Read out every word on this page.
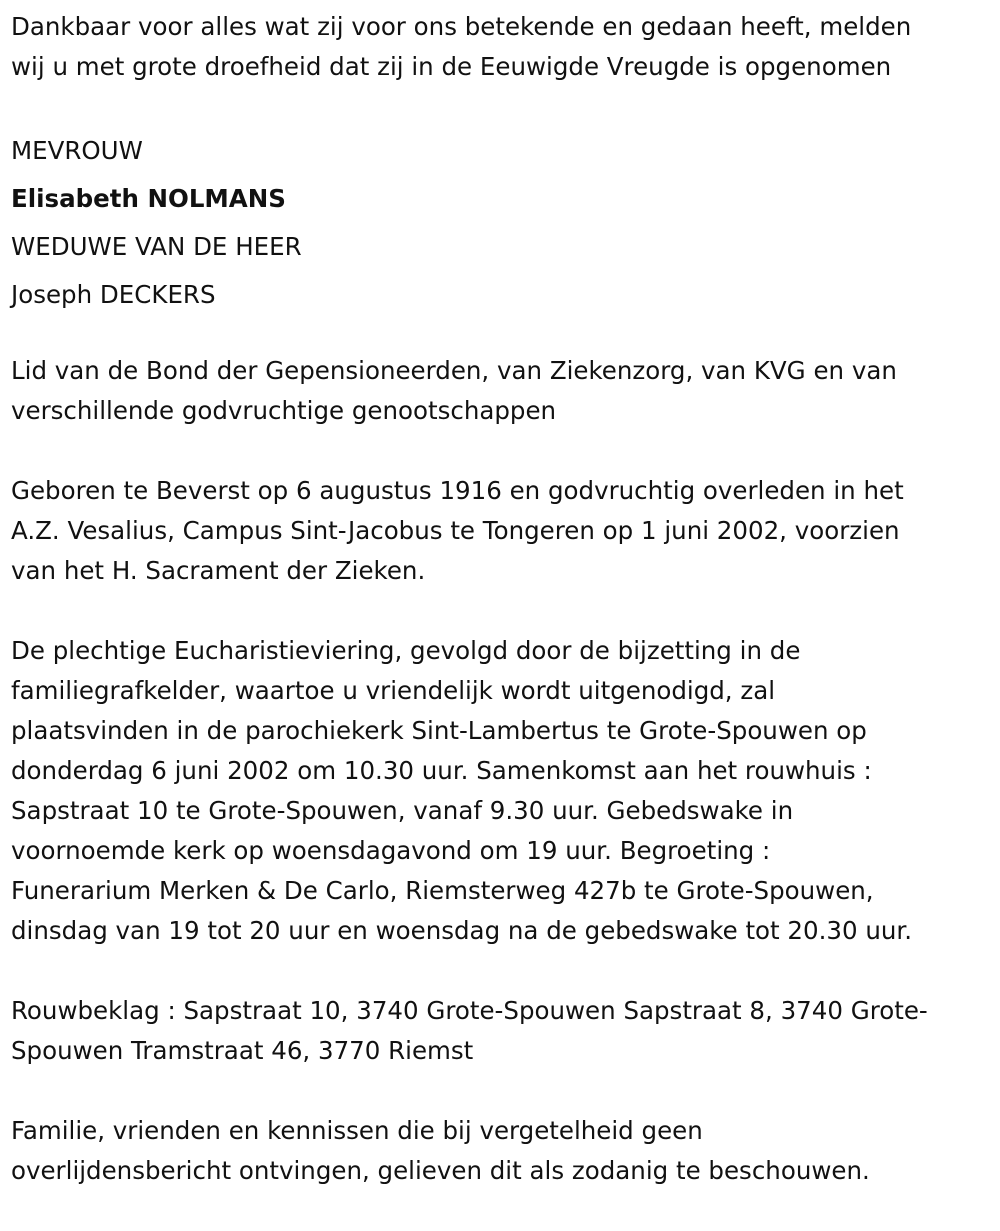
Dankbaar voor alles wat zij voor ons betekende en gedaan heeft, melden
wij u met grote droefheid dat zij in de Eeuwigde Vreugde is opgenomen
MEVROUW
Elisabeth NOLMANS
WEDUWE VAN DE HEER
Joseph DECKERS
Lid van de Bond der Gepensioneerden, van Ziekenzorg, van KVG en van
verschillende godvruchtige genootschappen
Geboren te Beverst op 6 augustus 1916 en godvruchtig overleden in het
A.Z. Vesalius, Campus Sint-Jacobus te Tongeren op 1 juni 2002, voorzien
van het H. Sacrament der Zieken.
De plechtige Eucharistieviering, gevolgd door de bijzetting in de
familiegrafkelder, waartoe u vriendelijk wordt uitgenodigd, zal
plaatsvinden in de parochiekerk Sint-Lambertus te Grote-Spouwen op
donderdag 6 juni 2002 om 10.30 uur. Samenkomst aan het rouwhuis :
Sapstraat 10 te Grote-Spouwen, vanaf 9.30 uur. Gebedswake in
voornoemde kerk op woensdagavond om 19 uur. Begroeting :
Funerarium Merken & De Carlo, Riemsterweg 427b te Grote-Spouwen,
dinsdag van 19 tot 20 uur en woensdag na de gebedswake tot 20.30 uur.
Rouwbeklag : Sapstraat 10, 3740 Grote-Spouwen Sapstraat 8, 3740 Grote-
Spouwen Tramstraat 46, 3770 Riemst
Familie, vrienden en kennissen die bij vergetelheid geen
overlijdensbericht ontvingen, gelieven dit als zodanig te beschouwen.
